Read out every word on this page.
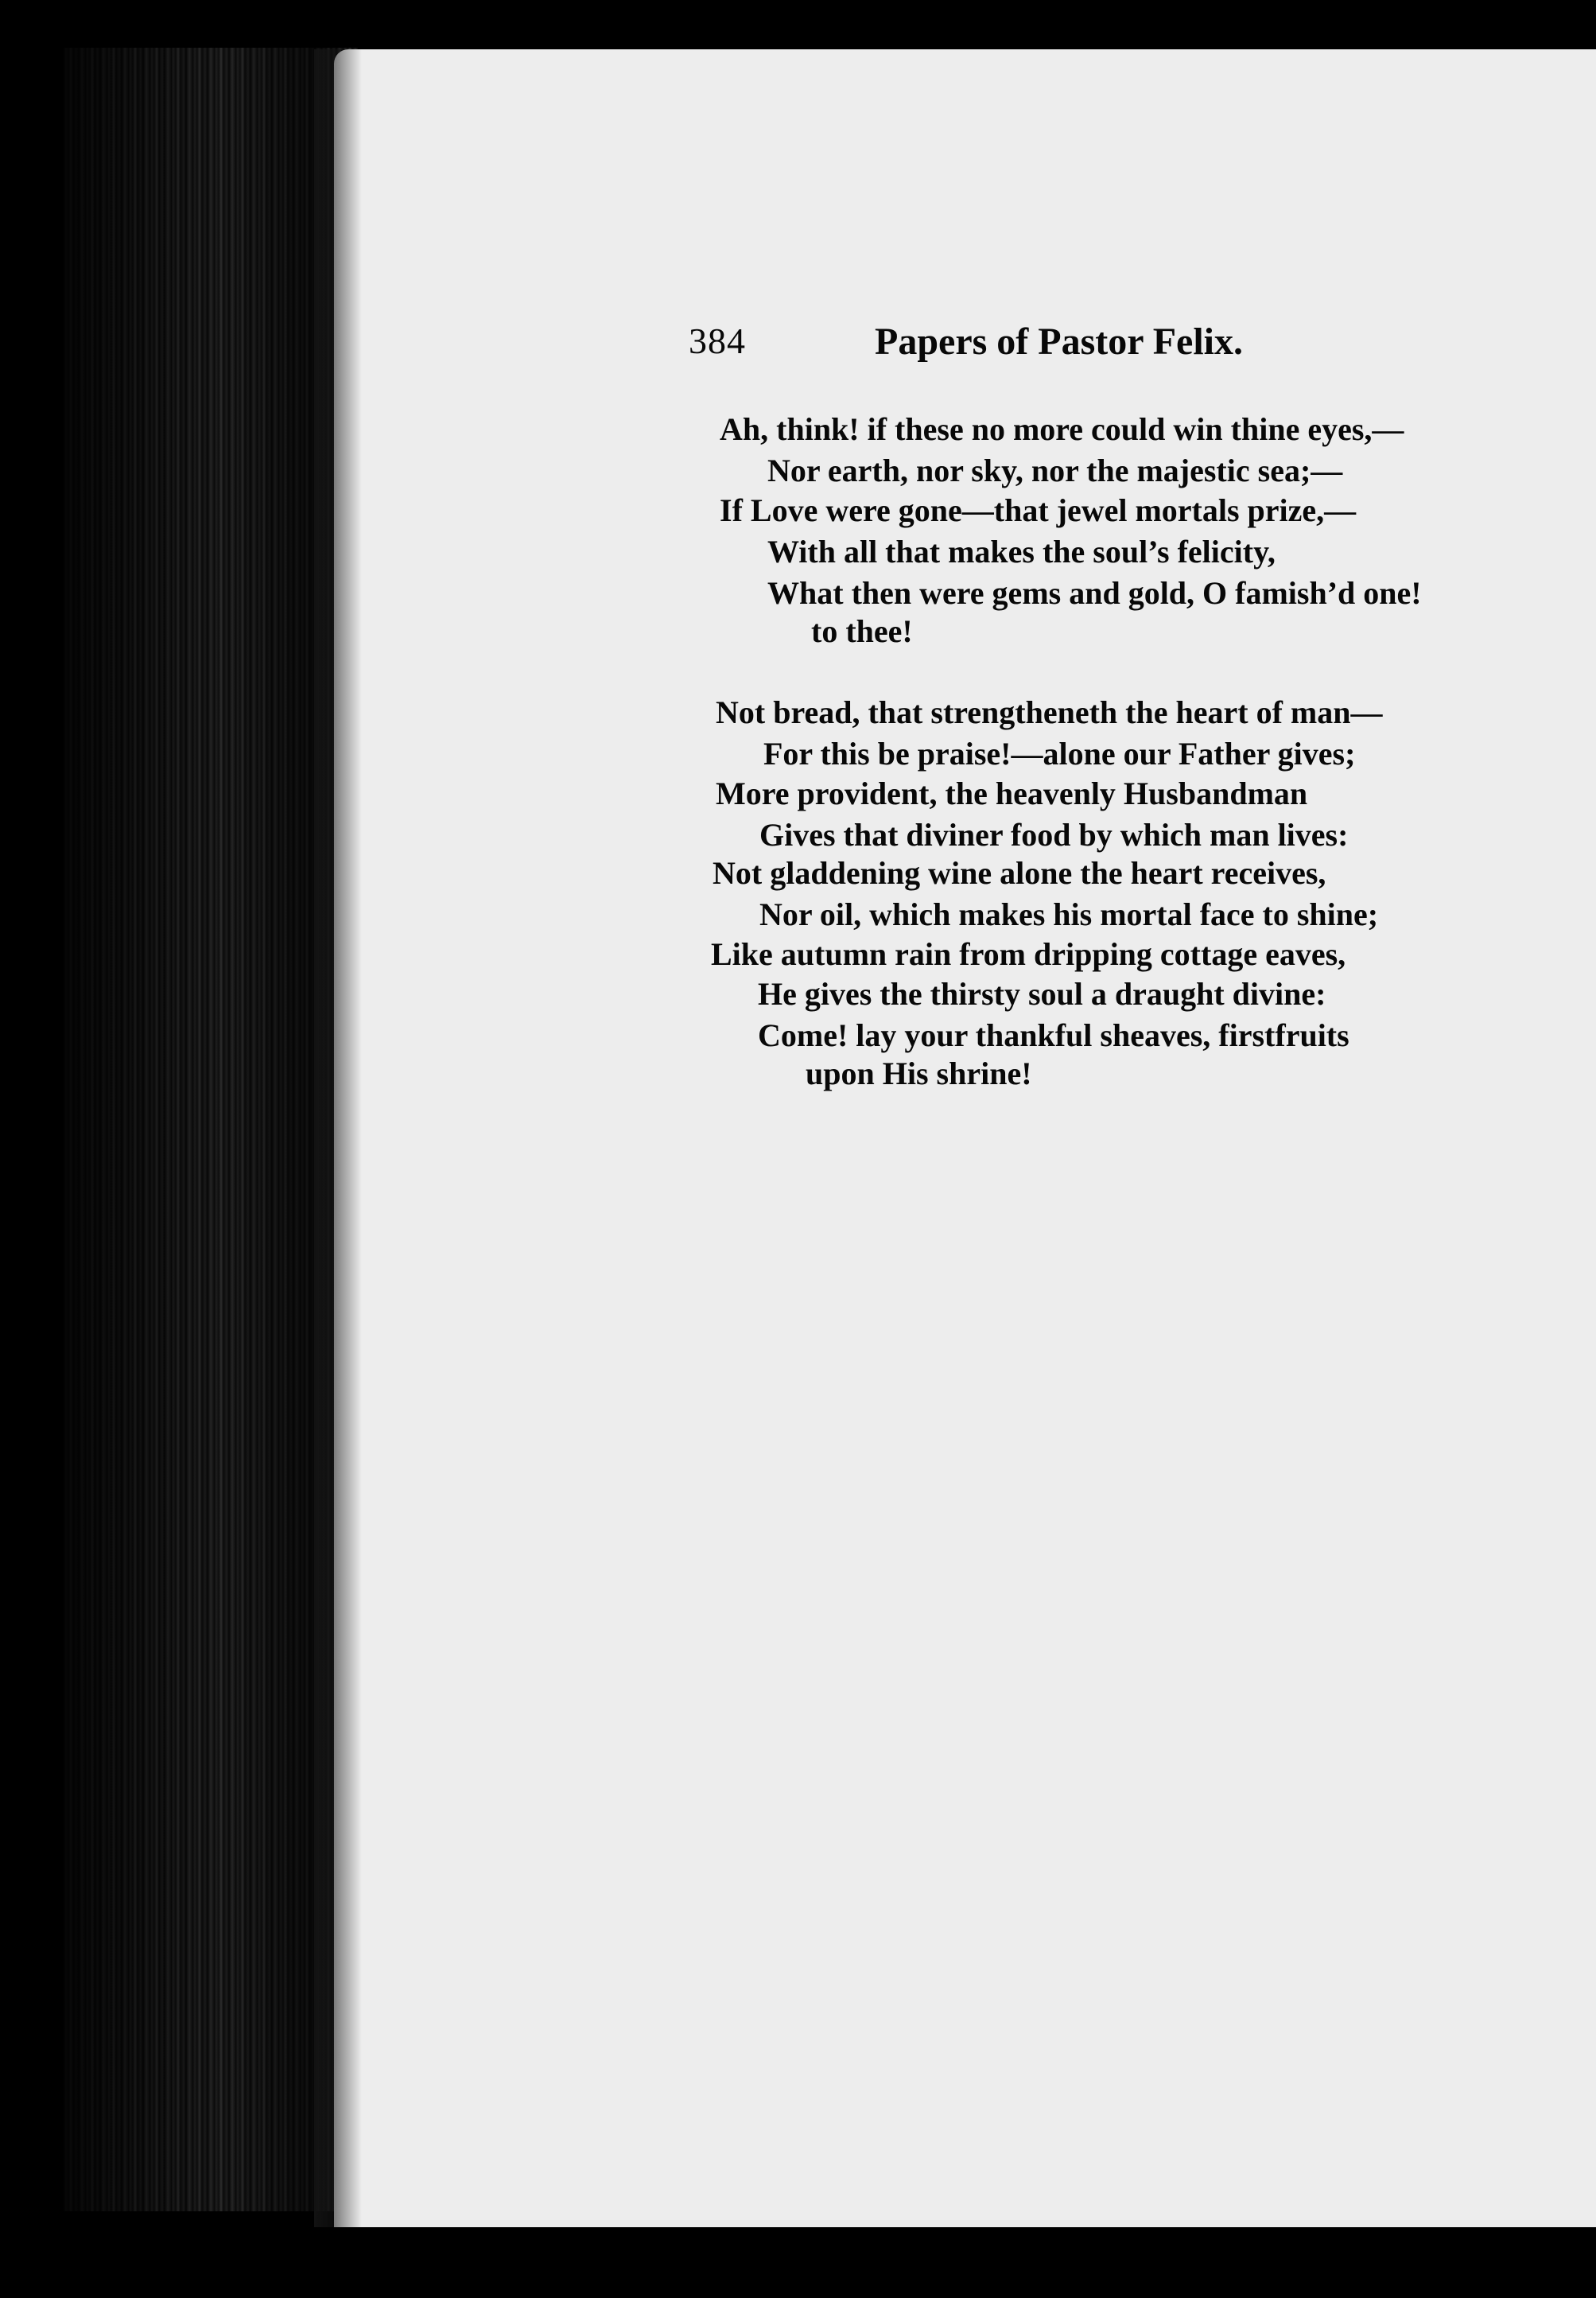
384	Papers of Pastor Felix.
Ah, think! if these no more could win thine eyes,—
Nor earth, nor sky, nor the majestic sea;—
If Love were gone—that jewel mortals prize,—
With all that makes the soul’s felicity,
What then were gems and gold, O famish’d one!
to thee!
Not bread, that strengtheneth the heart of man—
For this be praise!—alone our Father gives;
More provident, the heavenly Husbandman
Gives that diviner food by which man lives:
Not gladdening wine alone the heart receives,
Nor oil, which makes his mortal face to shine;
Like autumn rain from dripping cottage eaves,
He gives the thirsty soul a draught divine:
Come! lay your thankful sheaves, firstfruits
upon His shrine!
